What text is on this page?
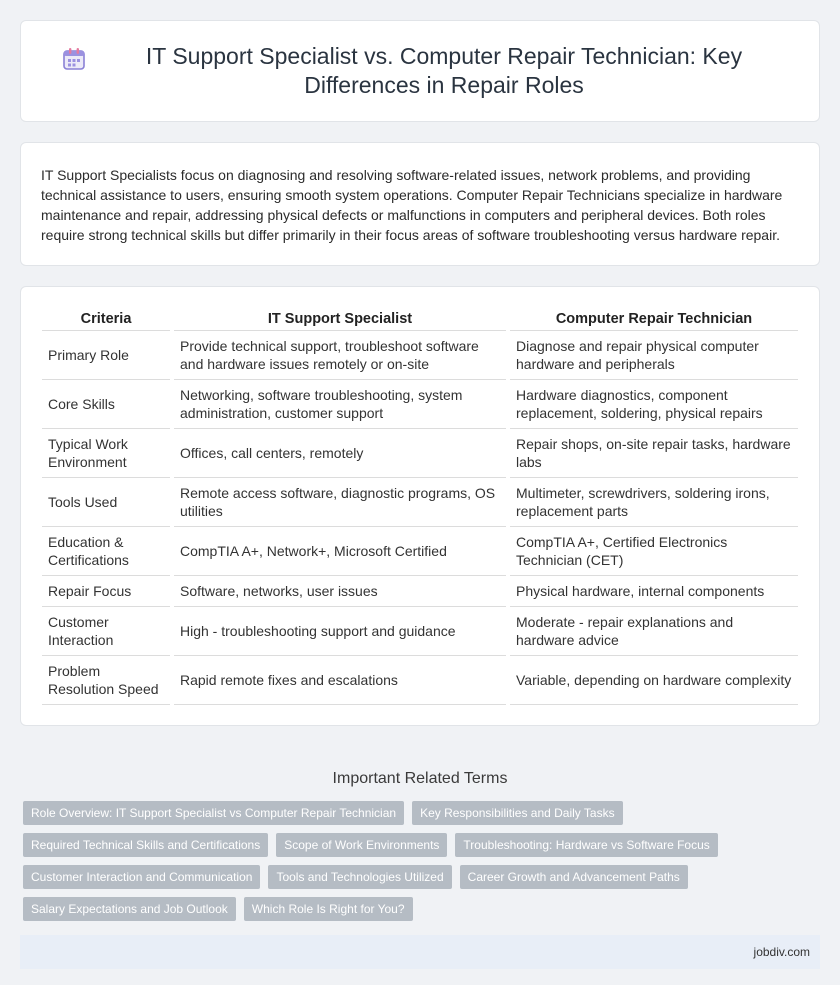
IT Support Specialist vs. Computer Repair Technician: Key Differences in Repair Roles

IT Support Specialists focus on diagnosing and resolving software-related issues, network problems, and providing technical assistance to users, ensuring smooth system operations. Computer Repair Technicians specialize in hardware maintenance and repair, addressing physical defects or malfunctions in computers and peripheral devices. Both roles require strong technical skills but differ primarily in their focus areas of software troubleshooting versus hardware repair.

Criteria	IT Support Specialist	Computer Repair Technician
Primary Role	Provide technical support, troubleshoot software and hardware issues remotely or on-site	Diagnose and repair physical computer hardware and peripherals
Core Skills	Networking, software troubleshooting, system administration, customer support	Hardware diagnostics, component replacement, soldering, physical repairs
Typical Work Environment	Offices, call centers, remotely	Repair shops, on-site repair tasks, hardware labs
Tools Used	Remote access software, diagnostic programs, OS utilities	Multimeter, screwdrivers, soldering irons, replacement parts
Education & Certifications	CompTIA A+, Network+, Microsoft Certified	CompTIA A+, Certified Electronics Technician (CET)
Repair Focus	Software, networks, user issues	Physical hardware, internal components
Customer Interaction	High - troubleshooting support and guidance	Moderate - repair explanations and hardware advice
Problem Resolution Speed	Rapid remote fixes and escalations	Variable, depending on hardware complexity
Important Related Terms
Role Overview: IT Support Specialist vs Computer Repair Technician	Key Responsibilities and Daily Tasks
Required Technical Skills and Certifications	Scope of Work Environments	Troubleshooting: Hardware vs Software Focus
Customer Interaction and Communication	Tools and Technologies Utilized	Career Growth and Advancement Paths
Salary Expectations and Job Outlook	Which Role Is Right for You?
jobdiv.com
